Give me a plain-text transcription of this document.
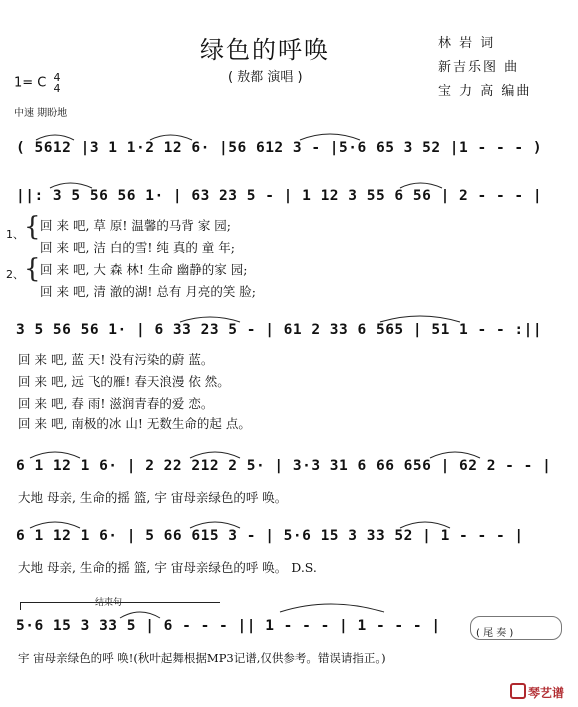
绿色的呼唤
( 敖都 演唱 )
林 岩 词
新吉乐图 曲
宝 力 高 编曲
1= C 4
4
中速 期盼地
( 5612 |3 1 1·2 12 6· |56 612 3 - |5·6 65 3 52 |1 - - - )
||: 3 5 56 56 1· | 63 23 5 - | 1 12 3 55 6 56 | 2 - - - |
1、
2、
{
{
回 来 吧, 草 原! 温馨的马背 家 园;
回 来 吧, 洁 白的雪! 纯 真的 童 年;
回 来 吧, 大 森 林! 生命 幽静的家 园;
回 来 吧, 清 澈的湖! 总有 月亮的笑 脸;
3 5 56 56 1· | 6 33 23 5 - | 61 2 33 6 565 | 51 1 - - :||
回 来 吧, 蓝 天! 没有污染的蔚 蓝。
回 来 吧, 远 飞的雁! 春天浪漫 依 然。
回 来 吧, 春 雨! 滋润青春的爱 恋。
回 来 吧, 南极的冰 山! 无数生命的起 点。
6 1 12 1 6· | 2 22 212 2 5· | 3·3 31 6 66 656 | 62 2 - - |
大地 母亲, 生命的摇 篮, 宇 宙母亲绿色的呼 唤。
6 1 12 1 6· | 5 66 615 3 - | 5·6 15 3 33 52 | 1 - - - |
大地 母亲, 生命的摇 篮, 宇 宙母亲绿色的呼 唤。 D.S.
结束句
5·6 15 3 33 5 | 6 - - - || 1 - - - | 1 - - - |	( 尾 奏 )
宇 宙母亲绿色的呼 唤!(秋叶起舞根据MP3记谱,仅供参考。错误请指正。)
琴艺谱
